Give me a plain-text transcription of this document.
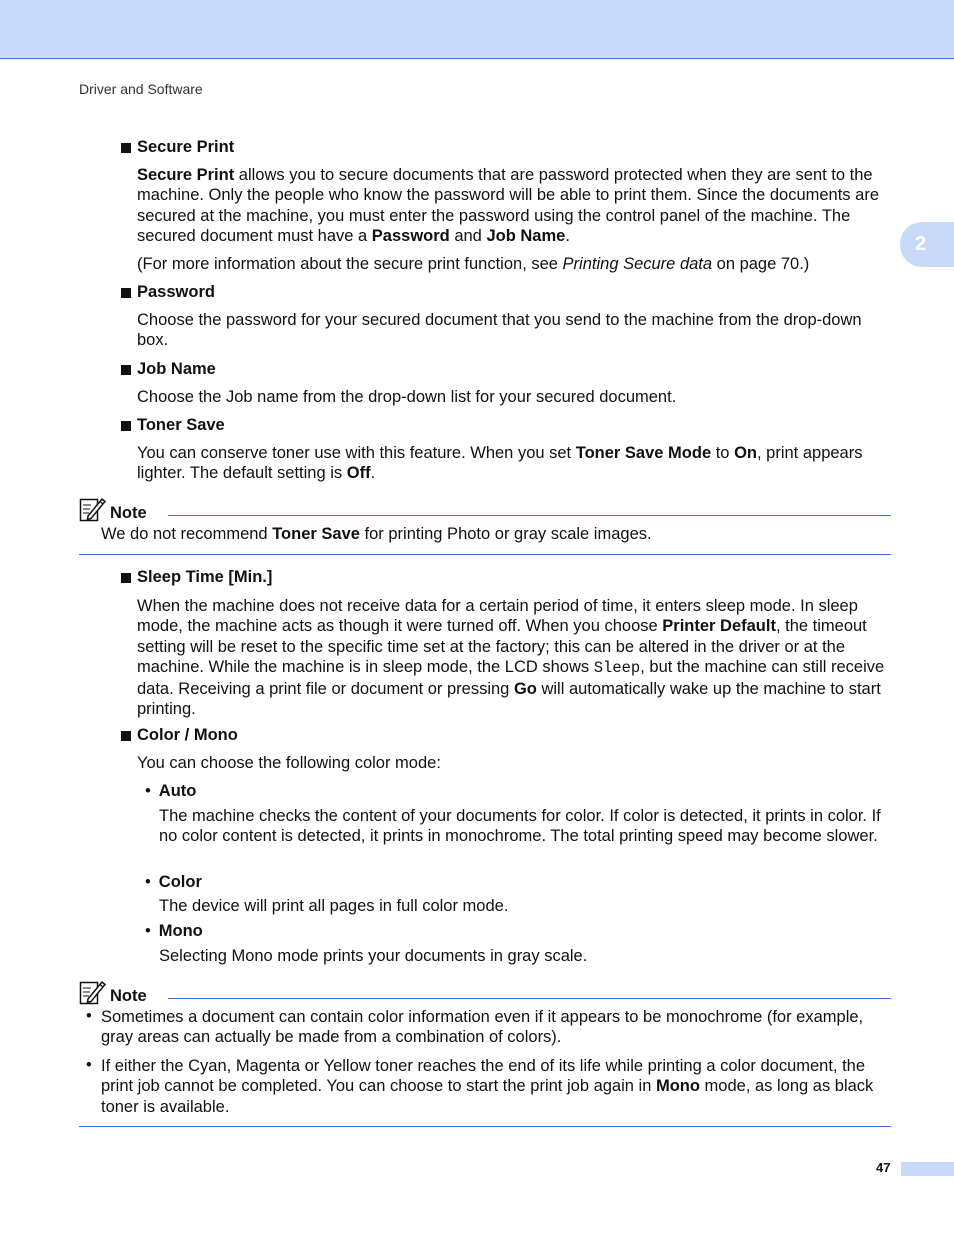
Driver and Software
2
Secure Print
Secure Print allows you to secure documents that are password protected when they are sent to the machine. Only the people who know the password will be able to print them. Since the documents are secured at the machine, you must enter the password using the control panel of the machine. The secured document must have a Password and Job Name.
(For more information about the secure print function, see Printing Secure data on page 70.)
Password
Choose the password for your secured document that you send to the machine from the drop-down box.
Job Name
Choose the Job name from the drop-down list for your secured document.
Toner Save
You can conserve toner use with this feature. When you set Toner Save Mode to On, print appears lighter. The default setting is Off.
Note
We do not recommend Toner Save for printing Photo or gray scale images.
Sleep Time [Min.]
When the machine does not receive data for a certain period of time, it enters sleep mode. In sleep mode, the machine acts as though it were turned off. When you choose Printer Default, the timeout setting will be reset to the specific time set at the factory; this can be altered in the driver or at the machine. While the machine is in sleep mode, the LCD shows Sleep, but the machine can still receive data. Receiving a print file or document or pressing Go will automatically wake up the machine to start printing.
Color / Mono
You can choose the following color mode:
• Auto
The machine checks the content of your documents for color. If color is detected, it prints in color. If no color content is detected, it prints in monochrome. The total printing speed may become slower.
• Color
The device will print all pages in full color mode.
• Mono
Selecting Mono mode prints your documents in gray scale.
Note
• Sometimes a document can contain color information even if it appears to be monochrome (for example, gray areas can actually be made from a combination of colors).
• If either the Cyan, Magenta or Yellow toner reaches the end of its life while printing a color document, the print job cannot be completed. You can choose to start the print job again in Mono mode, as long as black toner is available.
47
